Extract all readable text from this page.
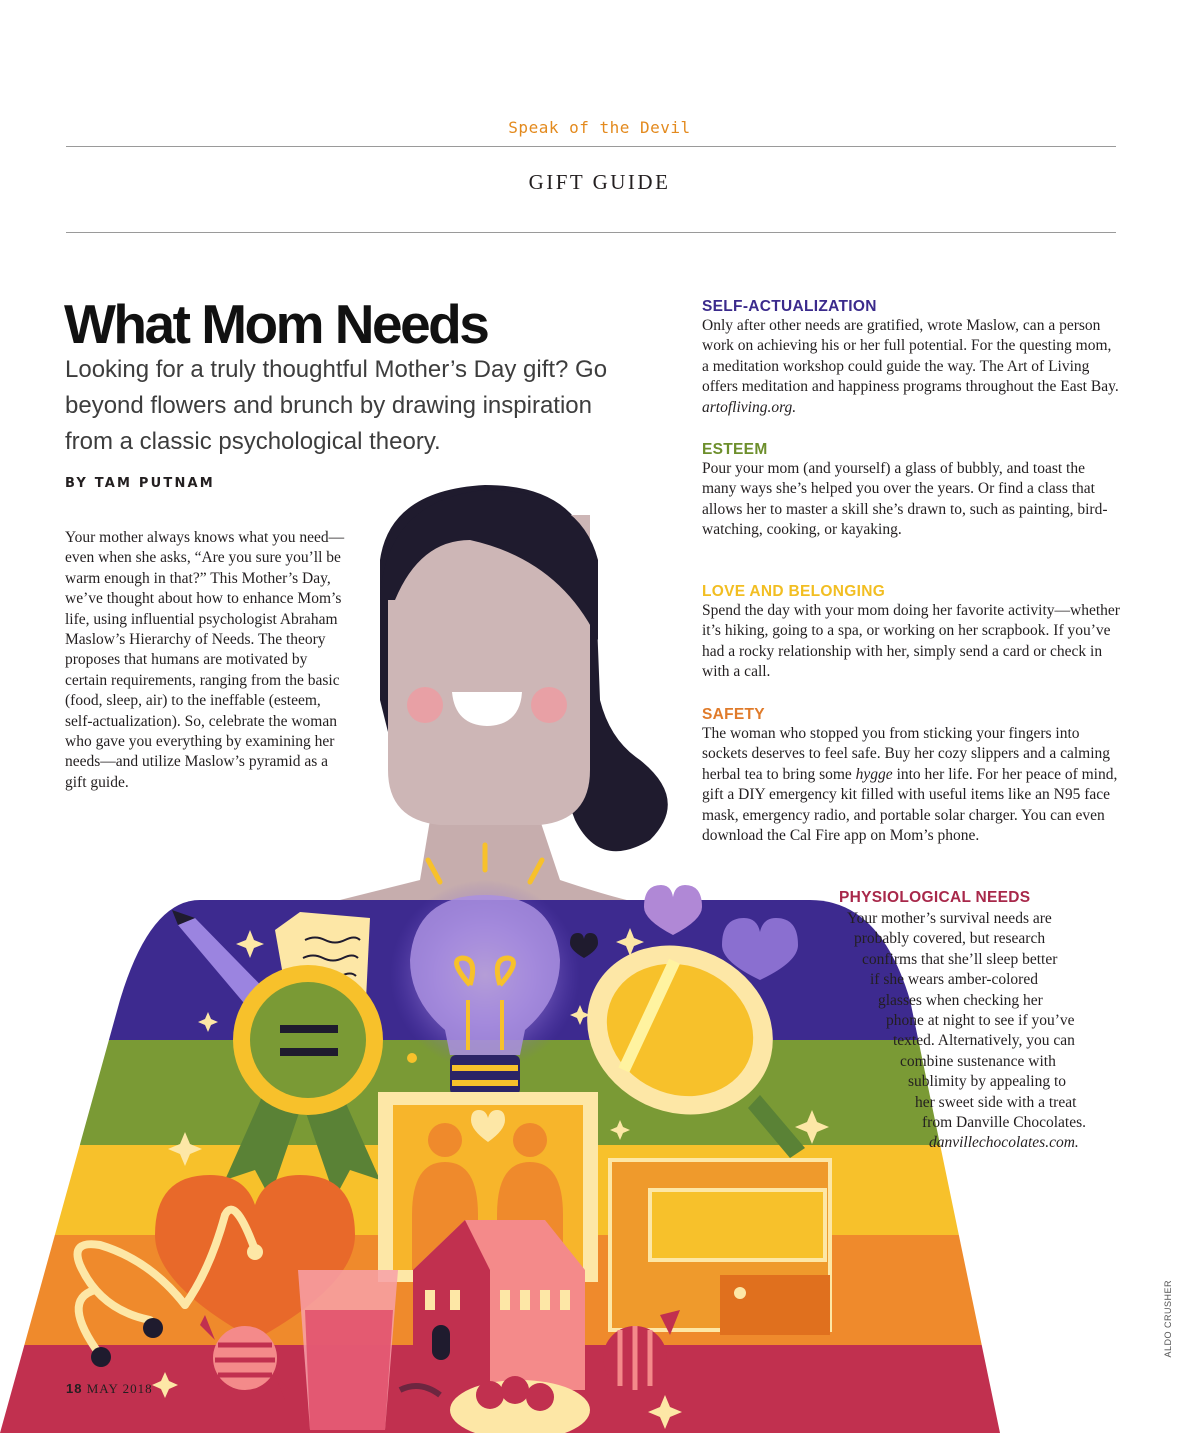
Speak of the Devil
GIFT GUIDE
What Mom Needs
Looking for a truly thoughtful Mother’s Day gift? Go beyond flowers and brunch by drawing inspiration from a classic psychological theory.
BY TAM PUTNAM
Your mother always knows what you need—even when she asks, “Are you sure you’ll be warm enough in that?” This Mother’s Day, we’ve thought about how to enhance Mom’s life, using influential psychologist Abraham Maslow’s Hierarchy of Needs. The theory proposes that humans are motivated by certain requirements, ranging from the basic (food, sleep, air) to the ineffable (esteem, self-actualization). So, celebrate the woman who gave you everything by examining her needs—and utilize Maslow’s pyramid as a gift guide.
SELF-ACTUALIZATION
Only after other needs are gratified, wrote Maslow, can a person work on achieving his or her full potential. For the questing mom, a meditation workshop could guide the way. The Art of Living offers meditation and happiness programs throughout the East Bay. artofliving.org.
ESTEEM
Pour your mom (and yourself) a glass of bubbly, and toast the many ways she’s helped you over the years. Or find a class that allows her to master a skill she’s drawn to, such as painting, bird-watching, cooking, or kayaking.
LOVE AND BELONGING
Spend the day with your mom doing her favorite activity—whether it’s hiking, going to a spa, or working on her scrapbook. If you’ve had a rocky relationship with her, simply send a card or check in with a call.
SAFETY
The woman who stopped you from sticking your fingers into sockets deserves to feel safe. Buy her cozy slippers and a calming herbal tea to bring some hygge into her life. For her peace of mind, gift a DIY emergency kit filled with useful items like an N95 face mask, emergency radio, and portable solar charger. You can even download the Cal Fire app on Mom’s phone.
PHYSIOLOGICAL NEEDS
Your mother’s survival needs are
probably covered, but research
confirms that she’ll sleep better
if she wears amber-colored
glasses when checking her
phone at night to see if you’ve
texted. Alternatively, you can
combine sustenance with
sublimity by appealing to
her sweet side with a treat
from Danville Chocolates.
danvillechocolates.com.
18 MAY 2018
ALDO CRUSHER
